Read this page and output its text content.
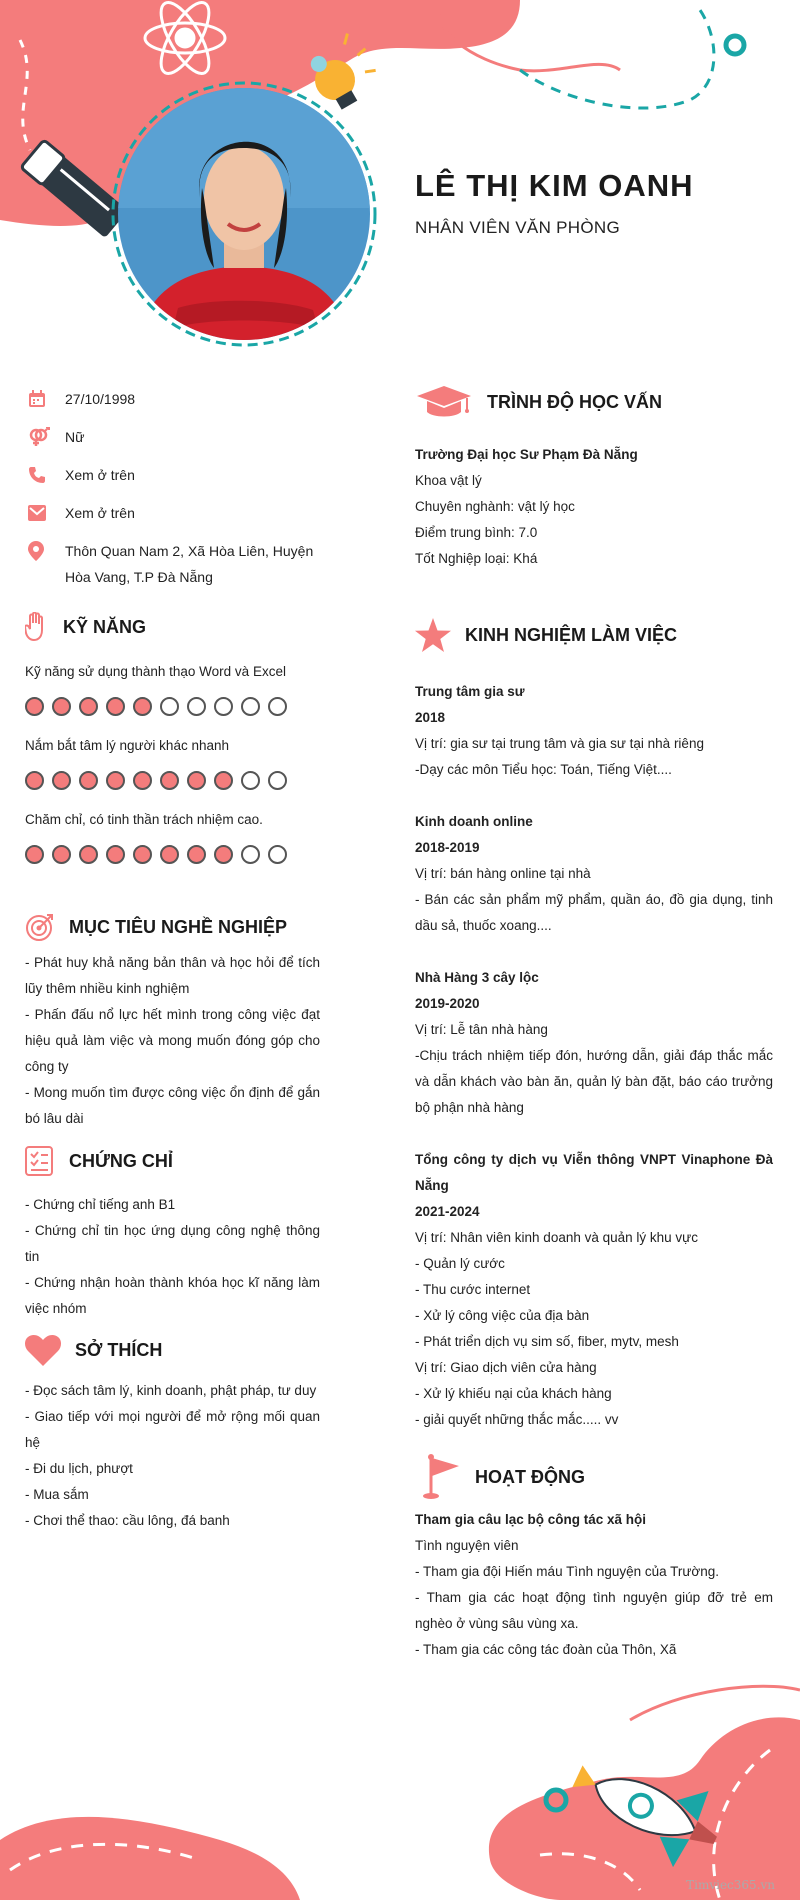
LÊ THỊ KIM OANH
NHÂN VIÊN VĂN PHÒNG
27/10/1998
Nữ
Xem ở trên
Xem ở trên
Thôn Quan Nam 2, Xã Hòa Liên, Huyện Hòa Vang, T.P Đà Nẵng
KỸ NĂNG
Kỹ năng sử dụng thành thạo Word và Excel
Nắm bắt tâm lý người khác nhanh
Chăm chỉ, có tinh thần trách nhiệm cao.
MỤC TIÊU NGHỀ NGHIỆP
- Phát huy khả năng bản thân và học hỏi để tích lũy thêm nhiều kinh nghiệm
- Phấn đấu nổ lực hết mình trong công việc đạt hiệu quả làm việc và mong muốn đóng góp cho công ty
- Mong muốn tìm được công việc ổn định để gắn bó lâu dài
CHỨNG CHỈ
- Chứng chỉ tiếng anh B1
- Chứng chỉ tin học ứng dụng công nghệ thông tin
- Chứng nhận hoàn thành khóa học kĩ năng làm việc nhóm
SỞ THÍCH
- Đọc sách tâm lý, kinh doanh, phật pháp, tư duy
- Giao tiếp với mọi người để mở rộng mối quan hệ
- Đi du lịch, phượt
- Mua sắm
- Chơi thể thao: cầu lông, đá banh
TRÌNH ĐỘ HỌC VẤN
Trường Đại học Sư Phạm Đà Nẵng
Khoa vật lý
Chuyên nghành: vật lý học
Điểm trung bình: 7.0
Tốt Nghiệp loại: Khá
KINH NGHIỆM LÀM VIỆC
Trung tâm gia sư
2018
Vị trí: gia sư tại trung tâm và gia sư tại nhà riêng
-Dạy các môn Tiểu học: Toán, Tiếng Việt....
Kinh doanh online
2018-2019
Vị trí: bán hàng online tại nhà
- Bán các sản phẩm mỹ phẩm, quần áo, đồ gia dụng, tinh dầu sả, thuốc xoang....
Nhà Hàng 3 cây lộc
2019-2020
Vị trí: Lễ tân nhà hàng
-Chịu trách nhiệm tiếp đón, hướng dẫn, giải đáp thắc mắc và dẫn khách vào bàn ăn, quản lý bàn đặt, báo cáo trưởng bộ phận nhà hàng
Tổng công ty dịch vụ Viễn thông VNPT Vinaphone Đà Nẵng
2021-2024
Vị trí: Nhân viên kinh doanh và quản lý khu vực
- Quản lý cước
- Thu cước internet
- Xử lý công việc của địa bàn
- Phát triển dịch vụ sim số, fiber, mytv, mesh
Vị trí: Giao dịch viên cửa hàng
- Xử lý khiếu nại của khách hàng
- giải quyết những thắc mắc..... vv
HOẠT ĐỘNG
Tham gia câu lạc bộ công tác xã hội
Tình nguyện viên
- Tham gia đội Hiến máu Tình nguyện của Trường.
- Tham gia các hoạt động tình nguyện giúp đỡ trẻ em nghèo ở vùng sâu vùng xa.
- Tham gia các công tác đoàn của Thôn, Xã
Timviec365.vn
